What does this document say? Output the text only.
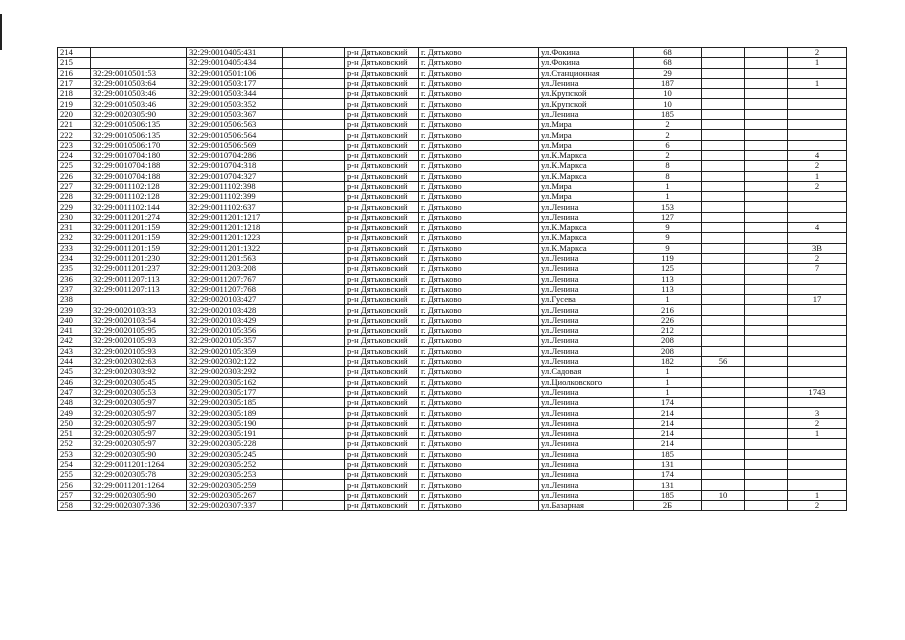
214		32:29:0010405:431		р-н Дятьковский	г. Дятьково	ул.Фокина	68			2
215		32:29:0010405:434		р-н Дятьковский	г. Дятьково	ул.Фокина	68			1
216	32:29:0010501:53	32:29:0010501:106		р-н Дятьковский	г. Дятьково	ул.Станционная	29			
217	32:29:0010503:64	32:29:0010503:177		р-н Дятьковский	г. Дятьково	ул.Ленина	187			1
218	32:29:0010503:46	32:29:0010503:344		р-н Дятьковский	г. Дятьково	ул.Крупской	10			
219	32:29:0010503:46	32:29:0010503:352		р-н Дятьковский	г. Дятьково	ул.Крупской	10			
220	32:29:0020305:90	32:29:0010503:367		р-н Дятьковский	г. Дятьково	ул.Ленина	185			
221	32:29:0010506:135	32:29:0010506:563		р-н Дятьковский	г. Дятьково	ул.Мира	2			
222	32:29:0010506:135	32:29:0010506:564		р-н Дятьковский	г. Дятьково	ул.Мира	2			
223	32:29:0010506:170	32:29:0010506:569		р-н Дятьковский	г. Дятьково	ул.Мира	6			
224	32:29:0010704:180	32:29:0010704:286		р-н Дятьковский	г. Дятьково	ул.К.Маркса	2			4
225	32:29:0010704:188	32:29:0010704:318		р-н Дятьковский	г. Дятьково	ул.К.Маркса	8			2
226	32:29:0010704:188	32:29:0010704:327		р-н Дятьковский	г. Дятьково	ул.К.Маркса	8			1
227	32:29:0011102:128	32:29:0011102:398		р-н Дятьковский	г. Дятьково	ул.Мира	1			2
228	32:29:0011102:128	32:29:0011102:399		р-н Дятьковский	г. Дятьково	ул.Мира	1			
229	32:29:0011102:144	32:29:0011102:637		р-н Дятьковский	г. Дятьково	ул.Ленина	153			
230	32:29:0011201:274	32:29:0011201:1217		р-н Дятьковский	г. Дятьково	ул.Ленина	127			
231	32:29:0011201:159	32:29:0011201:1218		р-н Дятьковский	г. Дятьково	ул.К.Маркса	9			4
232	32:29:0011201:159	32:29:0011201:1223		р-н Дятьковский	г. Дятьково	ул.К.Маркса	9			
233	32:29:0011201:159	32:29:0011201:1322		р-н Дятьковский	г. Дятьково	ул.К.Маркса	9			3В
234	32:29:0011201:230	32:29:0011201:563		р-н Дятьковский	г. Дятьково	ул.Ленина	119			2
235	32:29:0011201:237	32:29:0011203:208		р-н Дятьковский	г. Дятьково	ул.Ленина	125			7
236	32:29:0011207:113	32:29:0011207:767		р-н Дятьковский	г. Дятьково	ул.Ленина	113			
237	32:29:0011207:113	32:29:0011207:768		р-н Дятьковский	г. Дятьково	ул.Ленина	113			
238		32:29:0020103:427		р-н Дятьковский	г. Дятьково	ул.Гусева	1			17
239	32:29:0020103:33	32:29:0020103:428		р-н Дятьковский	г. Дятьково	ул.Ленина	216			
240	32:29:0020103:54	32:29:0020103:429		р-н Дятьковский	г. Дятьково	ул.Ленина	226			
241	32:29:0020105:95	32:29:0020105:356		р-н Дятьковский	г. Дятьково	ул.Ленина	212			
242	32:29:0020105:93	32:29:0020105:357		р-н Дятьковский	г. Дятьково	ул.Ленина	208			
243	32:29:0020105:93	32:29:0020105:359		р-н Дятьковский	г. Дятьково	ул.Ленина	208			
244	32:29:0020302:63	32:29:0020302:122		р-н Дятьковский	г. Дятьково	ул.Ленина	182	56		
245	32:29:0020303:92	32:29:0020303:292		р-н Дятьковский	г. Дятьково	ул.Садовая	1			
246	32:29:0020305:45	32:29:0020305:162		р-н Дятьковский	г. Дятьково	ул.Циолковского	1			
247	32:29:0020305:53	32:29:0020305:177		р-н Дятьковский	г. Дятьково	ул.Ленина	1			1743
248	32:29:0020305:97	32:29:0020305:185		р-н Дятьковский	г. Дятьково	ул.Ленина	174			
249	32:29:0020305:97	32:29:0020305:189		р-н Дятьковский	г. Дятьково	ул.Ленина	214			3
250	32:29:0020305:97	32:29:0020305:190		р-н Дятьковский	г. Дятьково	ул.Ленина	214			2
251	32:29:0020305:97	32:29:0020305:191		р-н Дятьковский	г. Дятьково	ул.Ленина	214			1
252	32:29:0020305:97	32:29:0020305:228		р-н Дятьковский	г. Дятьково	ул.Ленина	214			
253	32:29:0020305:90	32:29:0020305:245		р-н Дятьковский	г. Дятьково	ул.Ленина	185			
254	32:29:0011201:1264	32:29:0020305:252		р-н Дятьковский	г. Дятьково	ул.Ленина	131			
255	32:29:0020305:78	32:29:0020305:253		р-н Дятьковский	г. Дятьково	ул.Ленина	174			
256	32:29:0011201:1264	32:29:0020305:259		р-н Дятьковский	г. Дятьково	ул.Ленина	131			
257	32:29:0020305:90	32:29:0020305:267		р-н Дятьковский	г. Дятьково	ул.Ленина	185	10		1
258	32:29:0020307:336	32:29:0020307:337		р-н Дятьковский	г. Дятьково	ул.Базарная	2Б			2
